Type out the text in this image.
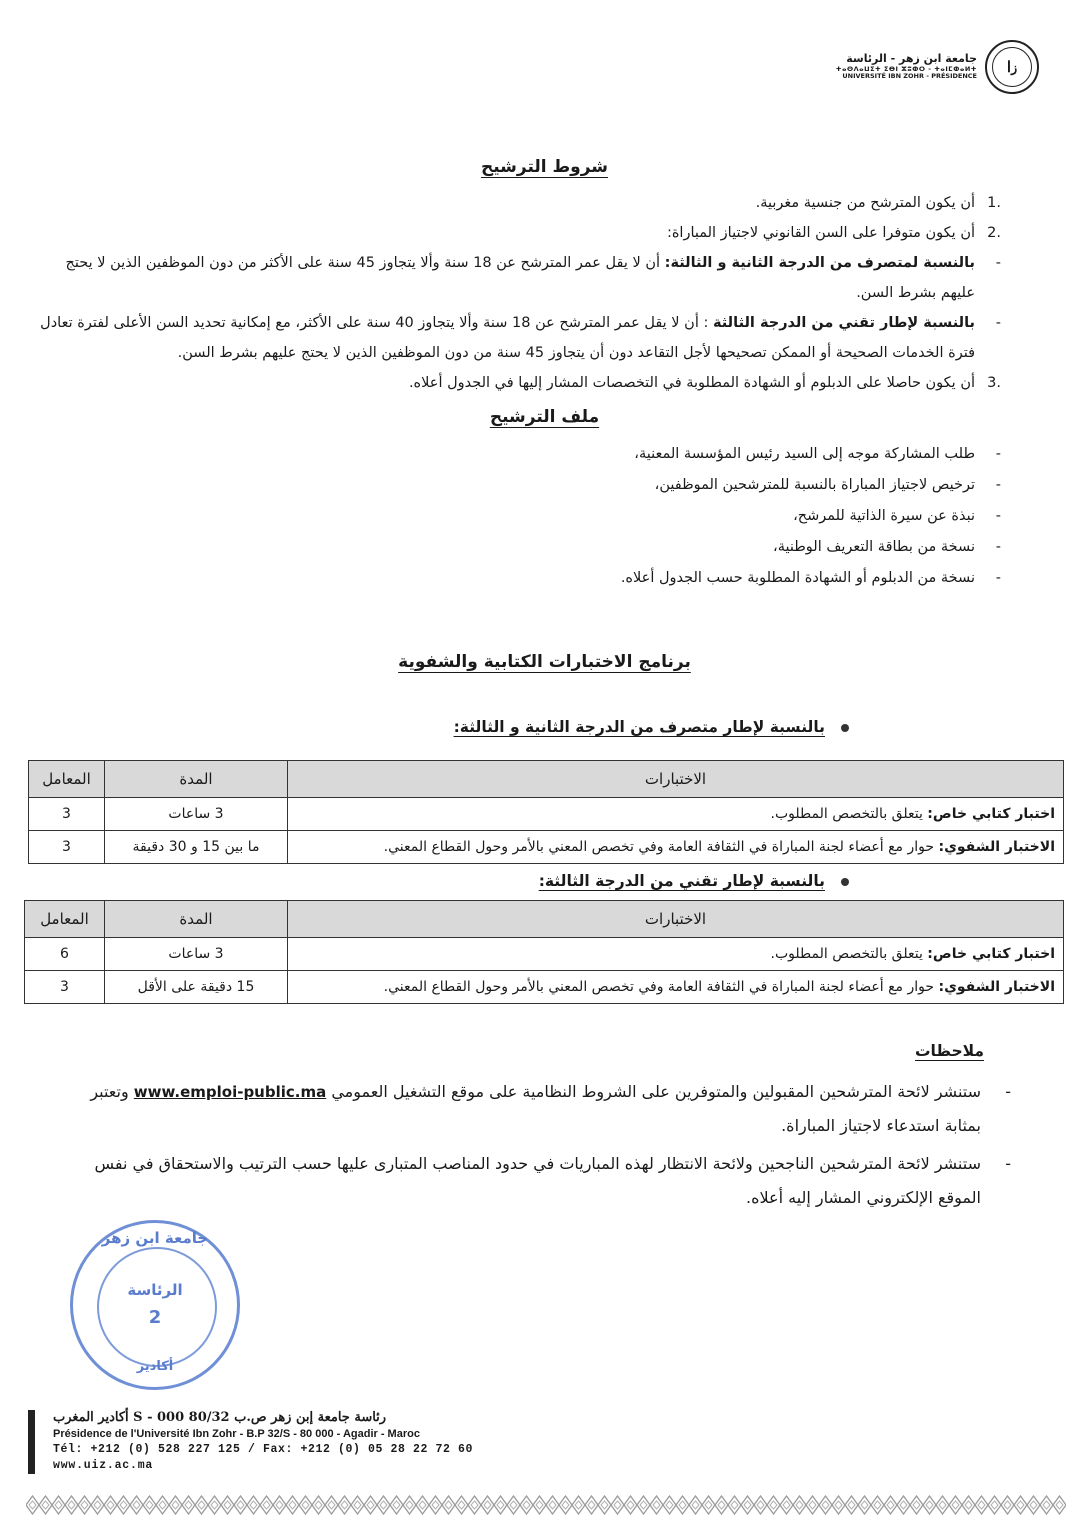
جامعة ابن زهر - الرئاسة
ⵜⴰⵙⴷⴰⵡⵉⵜ ⵉⴱⵏ ⵣⵓⵀⵔ - ⵜⴰⵏⵎⵀⴰⵍⵜ
UNIVERSITÉ IBN ZOHR - PRÉSIDENCE
ا ز
شروط الترشيح
.1
أن يكون المترشح من جنسية مغربية.
.2
أن يكون متوفرا على السن القانوني لاجتياز المباراة:
-
بالنسبة لمتصرف من الدرجة الثانية و الثالثة: أن لا يقل عمر المترشح عن 18 سنة وألا يتجاوز 45 سنة على الأكثر من دون الموظفين الذين لا يحتج عليهم بشرط السن.
-
بالنسبة لإطار تقني من الدرجة الثالثة : أن لا يقل عمر المترشح عن 18 سنة وألا يتجاوز 40 سنة على الأكثر، مع إمكانية تحديد السن الأعلى لفترة تعادل فترة الخدمات الصحيحة أو الممكن تصحيحها لأجل التقاعد دون أن يتجاوز 45 سنة من دون الموظفين الذين لا يحتج عليهم بشرط السن.
.3
أن يكون حاصلا على الدبلوم أو الشهادة المطلوبة في التخصصات المشار إليها في الجدول أعلاه.
ملف الترشيح
-
طلب المشاركة موجه إلى السيد رئيس المؤسسة المعنية،
-
ترخيص لاجتياز المباراة بالنسبة للمترشحين الموظفين،
-
نبذة عن سيرة الذاتية للمرشح،
-
نسخة من بطاقة التعريف الوطنية،
-
نسخة من الدبلوم أو الشهادة المطلوبة حسب الجدول أعلاه.
برنامج الاختبارات الكتابية والشفوية
بالنسبة لإطار متصرف من الدرجة الثانية و الثالثة:
الاختبارات	المدة	المعامل
اختبار كتابي خاص: يتعلق بالتخصص المطلوب.	3 ساعات	3
الاختبار الشفوي: حوار مع أعضاء لجنة المباراة في الثقافة العامة وفي تخصص المعني بالأمر وحول القطاع المعني.	ما بين 15 و 30 دقيقة	3
بالنسبة لإطار تقني من الدرجة الثالثة:
الاختبارات	المدة	المعامل
اختبار كتابي خاص: يتعلق بالتخصص المطلوب.	3 ساعات	6
الاختبار الشفوي: حوار مع أعضاء لجنة المباراة في الثقافة العامة وفي تخصص المعني بالأمر وحول القطاع المعني.	15 دقيقة على الأقل	3
ملاحظات
-
ستنشر لائحة المترشحين المقبولين والمتوفرين على الشروط النظامية على موقع التشغيل العمومي www.emploi-public.ma وتعتبر بمثابة استدعاء لاجتياز المباراة.
-
ستنشر لائحة المترشحين الناجحين ولائحة الانتظار لهذه المباريات في حدود المناصب المتبارى عليها حسب الترتيب والاستحقاق في نفس الموقع الإلكتروني المشار إليه أعلاه.
جامعة ابن زهر
الرئاسة
2
أكادير
رئاسة جامعة إبن زهر ص.ب 32/S - 000 80 أكادير المغرب
Présidence de l'Université Ibn Zohr - B.P 32/S - 80 000 - Agadir - Maroc
Tél: +212 (0) 528 227 125 / Fax: +212 (0) 05 28 22 72 60
www.uiz.ac.ma
